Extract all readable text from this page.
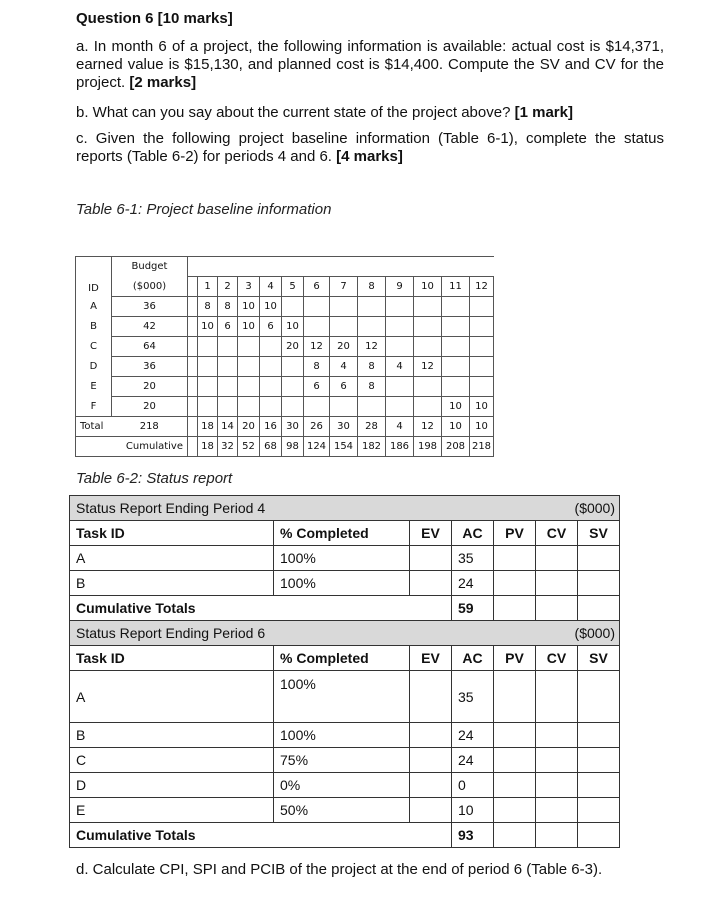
Question 6 [10 marks]
a. In month 6 of a project, the following information is available: actual cost is $14,371, earned value is $15,130, and planned cost is $14,400. Compute the SV and CV for the project. [2 marks]
b. What can you say about the current state of the project above? [1 mark]
c. Given the following project baseline information (Table 6-1), complete the status reports (Table 6-2) for periods 4 and 6. [4 marks]
Table 6-1: Project baseline information
ID	Budget													
	($000)		1	2	3	4	5	6	7	8	9	10	11	12
A	36		8	8	10	10								
B	42		10	6	10	6	10							
C	64						20	12	20	12				
D	36							8	4	8	4	12		
E	20							6	6	8				
F	20												10	10
Total	218		18	14	20	16	30	26	30	28	4	12	10	10
Cumulative			18	32	52	68	98	124	154	182	186	198	208	218
Table 6-2: Status report
Status Report Ending Period 4					($000)	
Task ID	% Completed	EV	AC	PV	CV	SV
A	100%		35			
B	100%		24			
Cumulative Totals			59			
Status Report Ending Period 6					($000)	
Task ID	% Completed	EV	AC	PV	CV	SV
A	100%		35			
B	100%		24			
C	75%		24			
D	0%		0			
E	50%		10			
Cumulative Totals			93			
d. Calculate CPI, SPI and PCIB of the project at the end of period 6 (Table 6-3).
